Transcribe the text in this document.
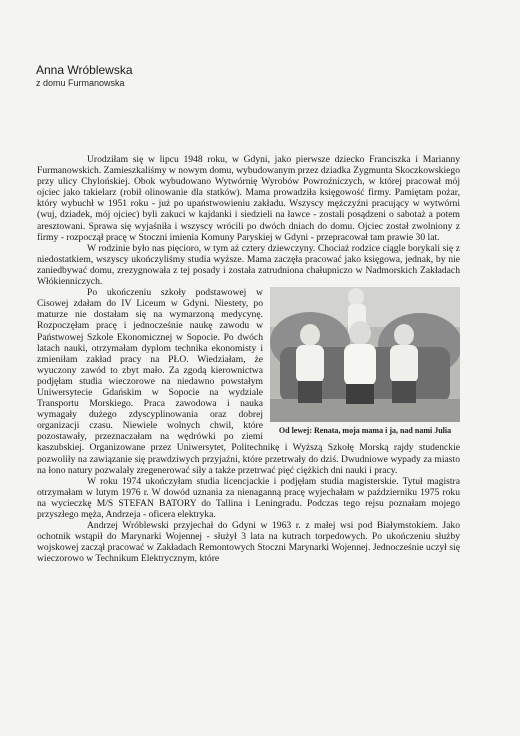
Anna Wróblewska
z domu Furmanowska

Urodziłam się w lipcu 1948 roku, w Gdyni, jako pierwsze dziecko Franciszka i Marianny Furmanowskich. Zamieszkaliśmy w nowym domu, wybudowanym przez dziadka Zygmunta Skoczkowskiego przy ulicy Chylońskiej. Obok wybudowano Wytwórnię Wyrobów Powroźniczych, w której pracował mój ojciec jako takielarz (robił olinowanie dla statków). Mama prowadziła księgowość firmy. Pamiętam pożar, który wybuchł w 1951 roku - już po upaństwowieniu zakładu. Wszyscy mężczyźni pracujący w wytwórni (wuj, dziadek, mój ojciec) byli zakuci w kajdanki i siedzieli na ławce - zostali posądzeni o sabotaż a potem aresztowani. Sprawa się wyjaśniła i wszyscy wrócili po dwóch dniach do domu. Ojciec został zwolniony z firmy - rozpoczął pracę w Stoczni imienia Komuny Paryskiej w Gdyni - przepracował tam prawie 30 lat.

W rodzinie było nas pięcioro, w tym aż cztery dziewczyny. Chociaż rodzice ciągle borykali się z niedostatkiem, wszyscy ukończyliśmy studia wyższe. Mama zaczęła pracować jako księgowa, jednak, by nie zaniedbywać domu, zrezygnowała z tej posady i została zatrudniona chałupniczo w Nadmorskich Zakładach Włókienniczych.

Od lewej: Renata, moja mama i ja, nad nami Julia

Po ukończeniu szkoły podstawowej w Cisowej zdałam do IV Liceum w Gdyni. Niestety, po maturze nie dostałam się na wymarzoną medycynę. Rozpoczęłam pracę i jednocześnie naukę zawodu w Państwowej Szkole Ekonomicznej w Sopocie. Po dwóch latach nauki, otrzymałam dyplom technika ekonomisty i zmieniłam zakład pracy na PŁO. Wiedziałam, że wyuczony zawód to zbyt mało. Za zgodą kierownictwa podjęłam studia wieczorowe na niedawno powstałym Uniwersytecie Gdańskim w Sopocie na wydziale Transportu Morskiego. Praca zawodowa i nauka wymagały dużego zdyscyplinowania oraz dobrej organizacji czasu. Niewiele wolnych chwil, które pozostawały, przeznaczałam na wędrówki po ziemi kaszubskiej. Organizowane przez Uniwersytet, Politechnikę i Wyższą Szkołę Morską rajdy studenckie pozwoliły na zawiązanie się prawdziwych przyjaźni, które przetrwały do dziś. Dwudniowe wypady za miasto na łono natury pozwalały zregenerować siły a także przetrwać pięć ciężkich dni nauki i pracy.

W roku 1974 ukończyłam studia licencjackie i podjęłam studia magisterskie. Tytuł magistra otrzymałam w lutym 1976 r. W dowód uznania za nienaganną pracę wyjechałam w październiku 1975 roku na wycieczkę M/S STEFAN BATORY do Tallina i Leningradu. Podczas tego rejsu poznałam mojego przyszłego męża, Andrzeja - oficera elektryka.

Andrzej Wróblewski przyjechał do Gdyni w 1963 r. z małej wsi pod Białymstokiem. Jako ochotnik wstąpił do Marynarki Wojennej - służył 3 lata na kutrach torpedowych. Po ukończeniu służby wojskowej zaczął pracować w Zakładach Remontowych Stoczni Marynarki Wojennej. Jednocześnie uczył się wieczorowo w Technikum Elektrycznym, które
